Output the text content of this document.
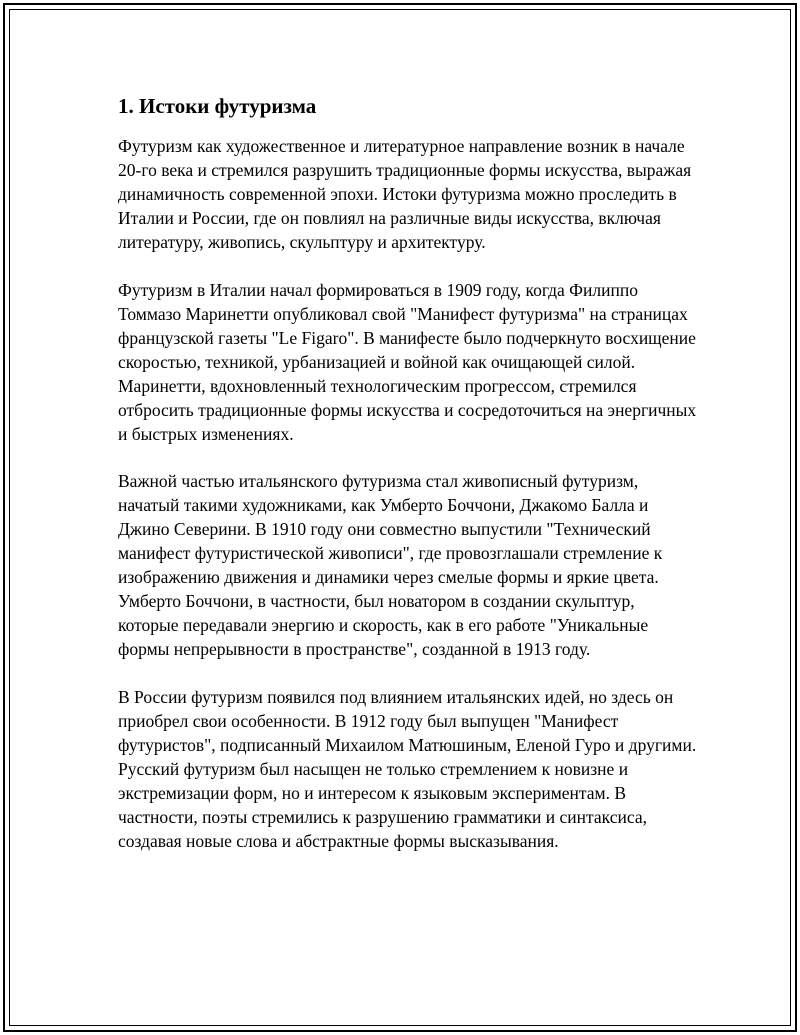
1. Истоки футуризма

Футуризм как художественное и литературное направление возник в начале 20-го века и стремился разрушить традиционные формы искусства, выражая динамичность современной эпохи. Истоки футуризма можно проследить в Италии и России, где он повлиял на различные виды искусства, включая литературу, живопись, скульптуру и архитектуру.

Футуризм в Италии начал формироваться в 1909 году, когда Филиппо Томмазо Маринетти опубликовал свой "Манифест футуризма" на страницах французской газеты "Le Figaro". В манифесте было подчеркнуто восхищение скоростью, техникой, урбанизацией и войной как очищающей силой. Маринетти, вдохновленный технологическим прогрессом, стремился отбросить традиционные формы искусства и сосредоточиться на энергичных и быстрых изменениях.

Важной частью итальянского футуризма стал живописный футуризм, начатый такими художниками, как Умберто Боччони, Джакомо Балла и Джино Северини. В 1910 году они совместно выпустили "Технический манифест футуристической живописи", где провозглашали стремление к изображению движения и динамики через смелые формы и яркие цвета. Умберто Боччони, в частности, был новатором в создании скульптур, которые передавали энергию и скорость, как в его работе "Уникальные формы непрерывности в пространстве", созданной в 1913 году.

В России футуризм появился под влиянием итальянских идей, но здесь он приобрел свои особенности. В 1912 году был выпущен "Манифест футуристов", подписанный Михаилом Матюшиным, Еленой Гуро и другими. Русский футуризм был насыщен не только стремлением к новизне и экстремизации форм, но и интересом к языковым экспериментам. В частности, поэты стремились к разрушению грамматики и синтаксиса, создавая новые слова и абстрактные формы высказывания.
